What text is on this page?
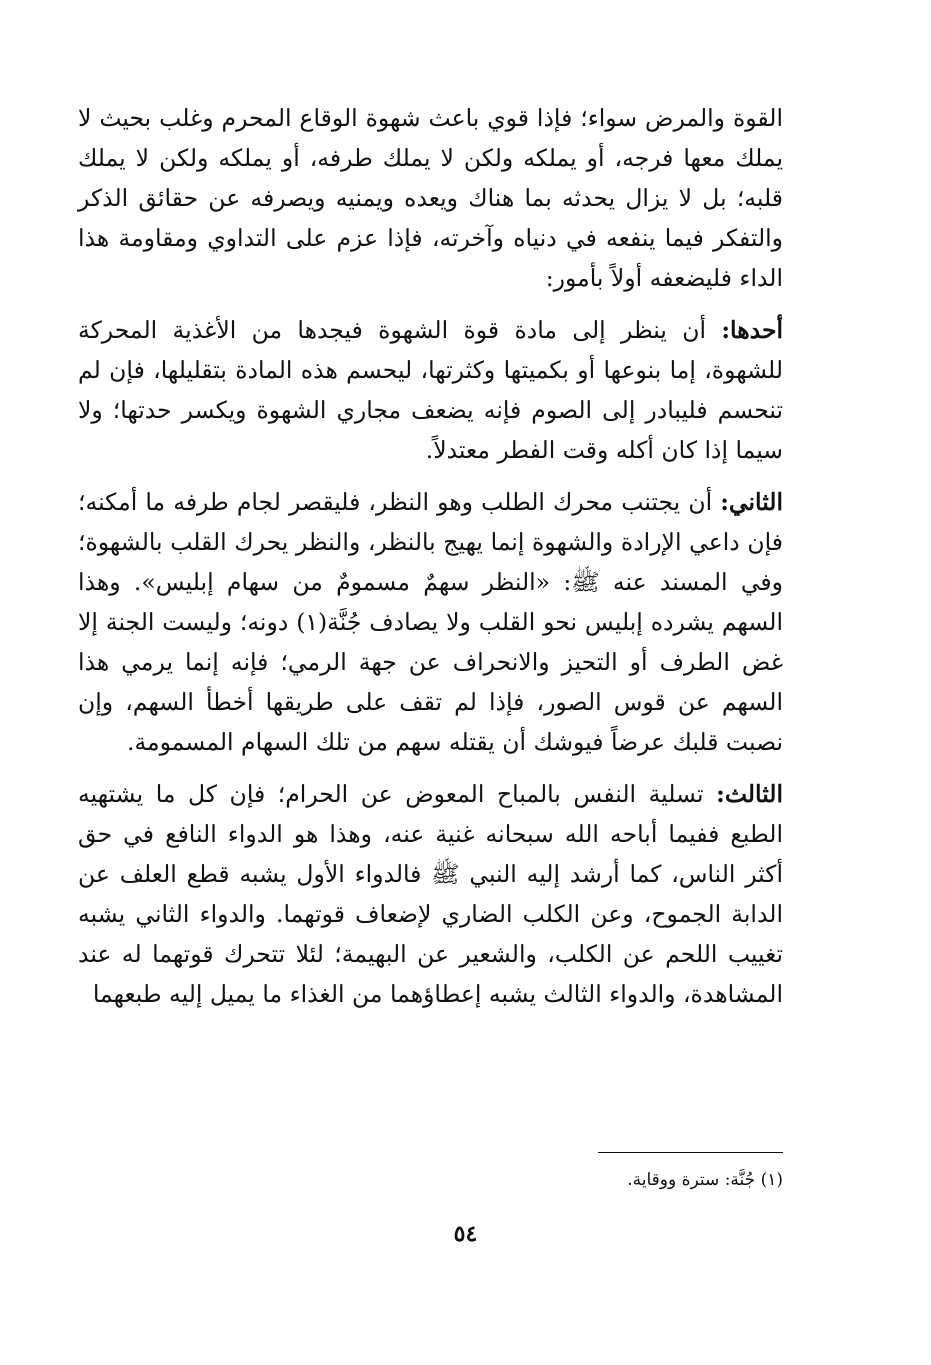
القوة والمرض سواء؛ فإذا قوي باعث شهوة الوقاع المحرم وغلب بحيث لا يملك معها فرجه، أو يملكه ولكن لا يملك طرفه، أو يملكه ولكن لا يملك قلبه؛ بل لا يزال يحدثه بما هناك ويعده ويمنيه ويصرفه عن حقائق الذكر والتفكر فيما ينفعه في دنياه وآخرته، فإذا عزم على التداوي ومقاومة هذا الداء فليضعفه أولاً بأمور:

أحدها: أن ينظر إلى مادة قوة الشهوة فيجدها من الأغذية المحركة للشهوة، إما بنوعها أو بكميتها وكثرتها، ليحسم هذه المادة بتقليلها، فإن لم تنحسم فليبادر إلى الصوم فإنه يضعف مجاري الشهوة ويكسر حدتها؛ ولا سيما إذا كان أكله وقت الفطر معتدلاً.

الثاني: أن يجتنب محرك الطلب وهو النظر، فليقصر لجام طرفه ما أمكنه؛ فإن داعي الإرادة والشهوة إنما يهيج بالنظر، والنظر يحرك القلب بالشهوة؛ وفي المسند عنه ﷺ: «النظر سهمٌ مسمومٌ من سهام إبليس». وهذا السهم يشرده إبليس نحو القلب ولا يصادف جُنَّة(١) دونه؛ وليست الجنة إلا غض الطرف أو التحيز والانحراف عن جهة الرمي؛ فإنه إنما يرمي هذا السهم عن قوس الصور، فإذا لم تقف على طريقها أخطأ السهم، وإن نصبت قلبك عرضاً فيوشك أن يقتله سهم من تلك السهام المسمومة.

الثالث: تسلية النفس بالمباح المعوض عن الحرام؛ فإن كل ما يشتهيه الطبع ففيما أباحه الله سبحانه غنية عنه، وهذا هو الدواء النافع في حق أكثر الناس، كما أرشد إليه النبي ﷺ فالدواء الأول يشبه قطع العلف عن الدابة الجموح، وعن الكلب الضاري لإضعاف قوتهما. والدواء الثاني يشبه تغييب اللحم عن الكلب، والشعير عن البهيمة؛ لئلا تتحرك قوتهما له عند المشاهدة، والدواء الثالث يشبه إعطاؤهما من الغذاء ما يميل إليه طبعهما

(١) جُنَّة: سترة ووقاية.
٥٤
